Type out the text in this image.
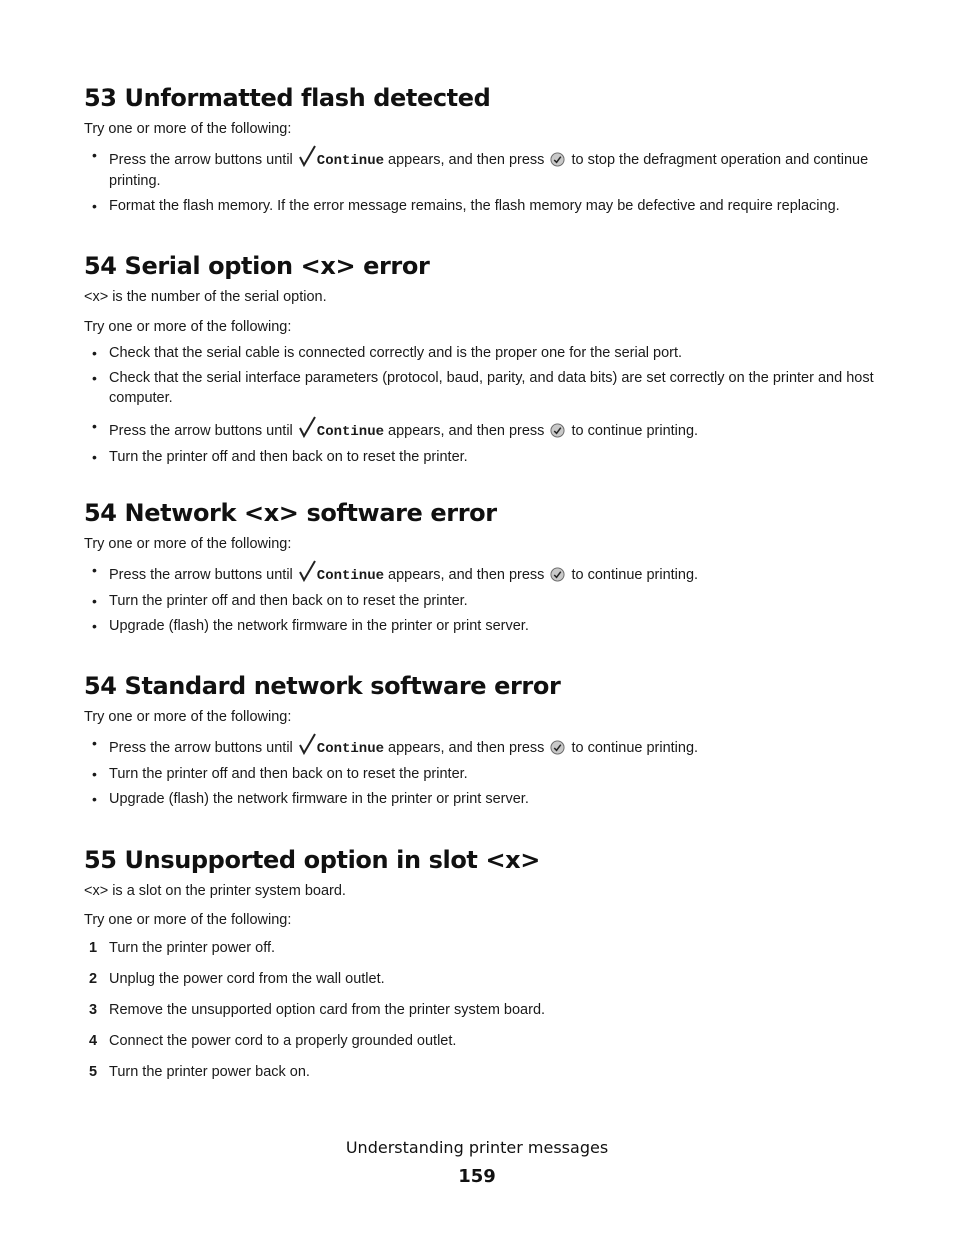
53 Unformatted flash detected

Try one or more of the following:

• Press the arrow buttons until Continue appears, and then press to stop the defragment operation and continue printing.
• Format the flash memory. If the error message remains, the flash memory may be defective and require replacing.
54 Serial option <x> error

<x> is the number of the serial option.

Try one or more of the following:

• Check that the serial cable is connected correctly and is the proper one for the serial port.
• Check that the serial interface parameters (protocol, baud, parity, and data bits) are set correctly on the printer and host computer.
• Press the arrow buttons until Continue appears, and then press to continue printing.
• Turn the printer off and then back on to reset the printer.
54 Network <x> software error

Try one or more of the following:

• Press the arrow buttons until Continue appears, and then press to continue printing.
• Turn the printer off and then back on to reset the printer.
• Upgrade (flash) the network firmware in the printer or print server.
54 Standard network software error

Try one or more of the following:

• Press the arrow buttons until Continue appears, and then press to continue printing.
• Turn the printer off and then back on to reset the printer.
• Upgrade (flash) the network firmware in the printer or print server.
55 Unsupported option in slot <x>

<x> is a slot on the printer system board.

Try one or more of the following:

1 Turn the printer power off.
2 Unplug the power cord from the wall outlet.
3 Remove the unsupported option card from the printer system board.
4 Connect the power cord to a properly grounded outlet.
5 Turn the printer power back on.
Understanding printer messages
159
